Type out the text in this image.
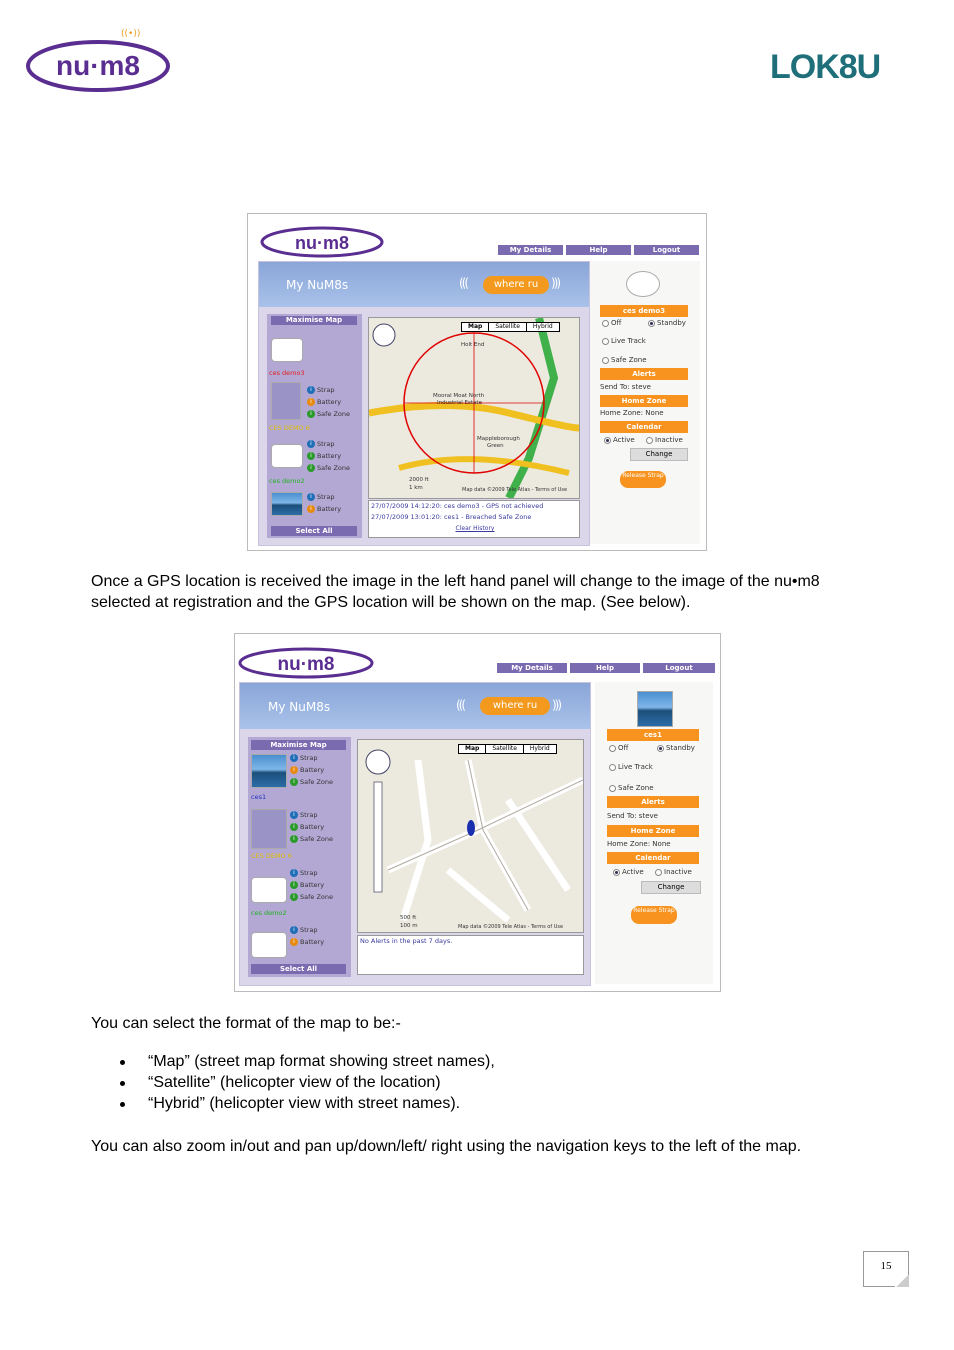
nu·m8
((•))
LOK8U
nu·m8	My Details	Help	Logout
My NuM8s	(((	where ru	)))
Maximise Map
ces demo3
i Strap
i Battery
i Safe Zone
CES DEMO 6
i Strap
i Battery
i Safe Zone
ces demo2
i Strap
i Battery
Select All
Map	Satellite	Hybrid
Holt End
Mooral Moat North
Industrial Estate
Mappleborough
Green
2000 ft
1 km	Map data ©2009 Tele Atlas - Terms of Use
27/07/2009 14:12:20: ces demo3 - GPS not achieved
27/07/2009 13:01:20: ces1 - Breached Safe Zone
Clear History
ces demo3
Off	Standby
Live Track
Safe Zone
Alerts
Send To: steve
Home Zone
Home Zone: None
Calendar
Active	Inactive
Change
Release Strap

Once a GPS location is received the image in the left hand panel will change to the image of the nu•m8 selected at registration and the GPS location will be shown on the map. (See below).

nu·m8	My Details	Help	Logout
My NuM8s	(((	where ru	)))
Maximise Map
i Strap
i Battery
i Safe Zone
ces1
i Strap
i Battery
i Safe Zone
CES DEMO 6
i Strap
i Battery
i Safe Zone
ces demo2
i Strap
i Battery
Select All
Map	Satellite	Hybrid
500 ft
100 m	Map data ©2009 Tele Atlas - Terms of Use
No Alerts in the past 7 days.
ces1
Off	Standby
Live Track
Safe Zone
Alerts
Send To: steve
Home Zone
Home Zone: None
Calendar
Active	Inactive
Change
Release Strap

You can select the format of the map to be:-

“Map” (street map format showing street names),
“Satellite” (helicopter view of the location)
“Hybrid” (helicopter view with street names).

You can also zoom in/out and pan up/down/left/ right using the navigation keys to the left of the map.

15
